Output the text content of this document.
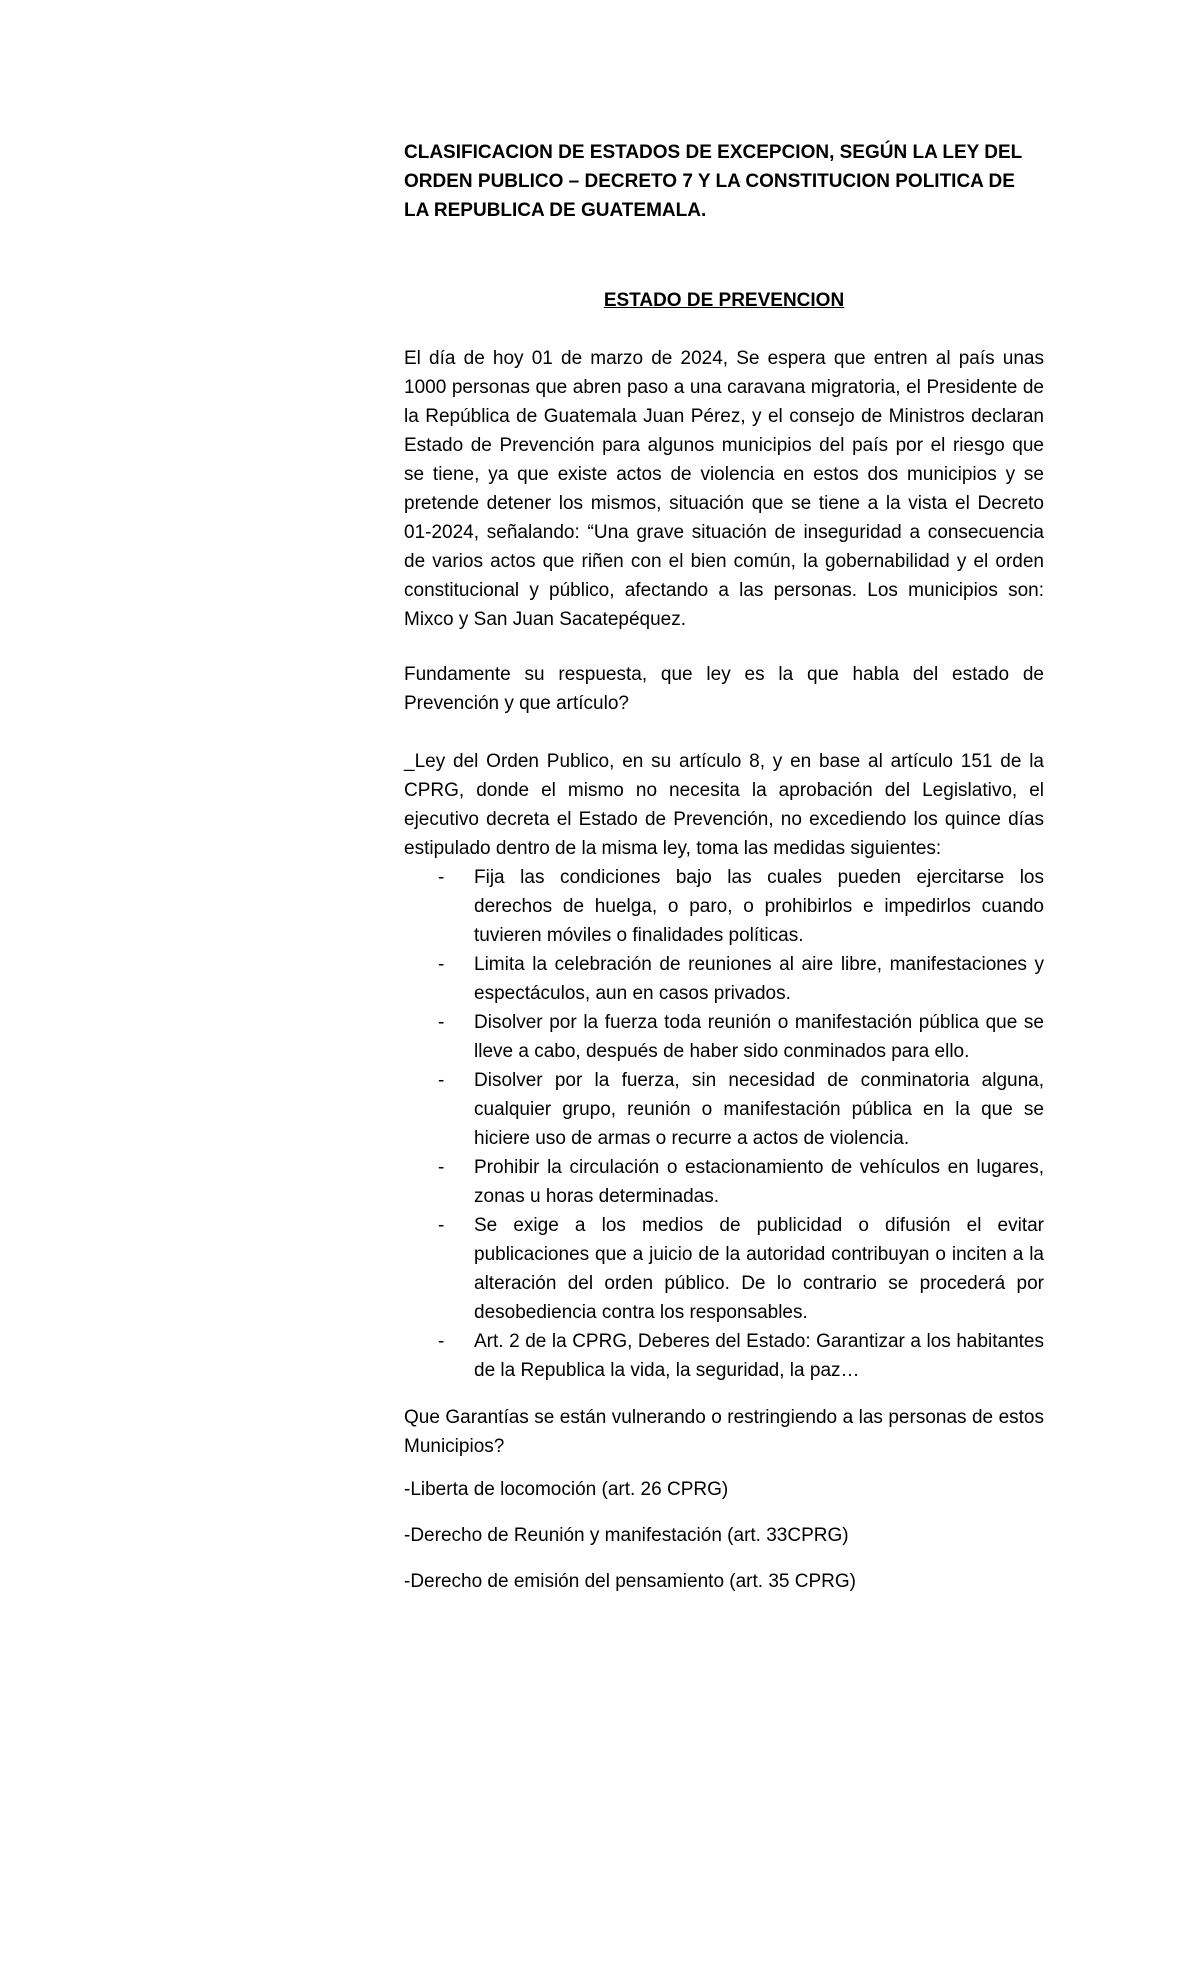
CLASIFICACION DE ESTADOS DE EXCEPCION, SEGÚN LA LEY DEL ORDEN PUBLICO – DECRETO 7 Y LA CONSTITUCION POLITICA DE LA REPUBLICA DE GUATEMALA.

ESTADO DE PREVENCION

El día de hoy 01 de marzo de 2024, Se espera que entren al país unas 1000 personas que abren paso a una caravana migratoria, el Presidente de la República de Guatemala Juan Pérez, y el consejo de Ministros declaran Estado de Prevención para algunos municipios del país por el riesgo que se tiene, ya que existe actos de violencia en estos dos municipios y se pretende detener los mismos, situación que se tiene a la vista el Decreto 01-2024, señalando: “Una grave situación de inseguridad a consecuencia de varios actos que riñen con el bien común, la gobernabilidad y el orden constitucional y público, afectando a las personas. Los municipios son: Mixco y San Juan Sacatepéquez.

Fundamente su respuesta, que ley es la que habla del estado de Prevención y que artículo?

_Ley del Orden Publico, en su artículo 8, y en base al artículo 151 de la CPRG, donde el mismo no necesita la aprobación del Legislativo, el ejecutivo decreta el Estado de Prevención, no excediendo los quince días estipulado dentro de la misma ley, toma las medidas siguientes:

- Fija las condiciones bajo las cuales pueden ejercitarse los derechos de huelga, o paro, o prohibirlos e impedirlos cuando tuvieren móviles o finalidades políticas.
- Limita la celebración de reuniones al aire libre, manifestaciones y espectáculos, aun en casos privados.
- Disolver por la fuerza toda reunión o manifestación pública que se lleve a cabo, después de haber sido conminados para ello.
- Disolver por la fuerza, sin necesidad de conminatoria alguna, cualquier grupo, reunión o manifestación pública en la que se hiciere uso de armas o recurre a actos de violencia.
- Prohibir la circulación o estacionamiento de vehículos en lugares, zonas u horas determinadas.
- Se exige a los medios de publicidad o difusión el evitar publicaciones que a juicio de la autoridad contribuyan o inciten a la alteración del orden público. De lo contrario se procederá por desobediencia contra los responsables.
- Art. 2 de la CPRG, Deberes del Estado: Garantizar a los habitantes de la Republica la vida, la seguridad, la paz…

Que Garantías se están vulnerando o restringiendo a las personas de estos Municipios?

-Liberta de locomoción (art. 26 CPRG)

-Derecho de Reunión y manifestación (art. 33CPRG)

-Derecho de emisión del pensamiento (art. 35 CPRG)
